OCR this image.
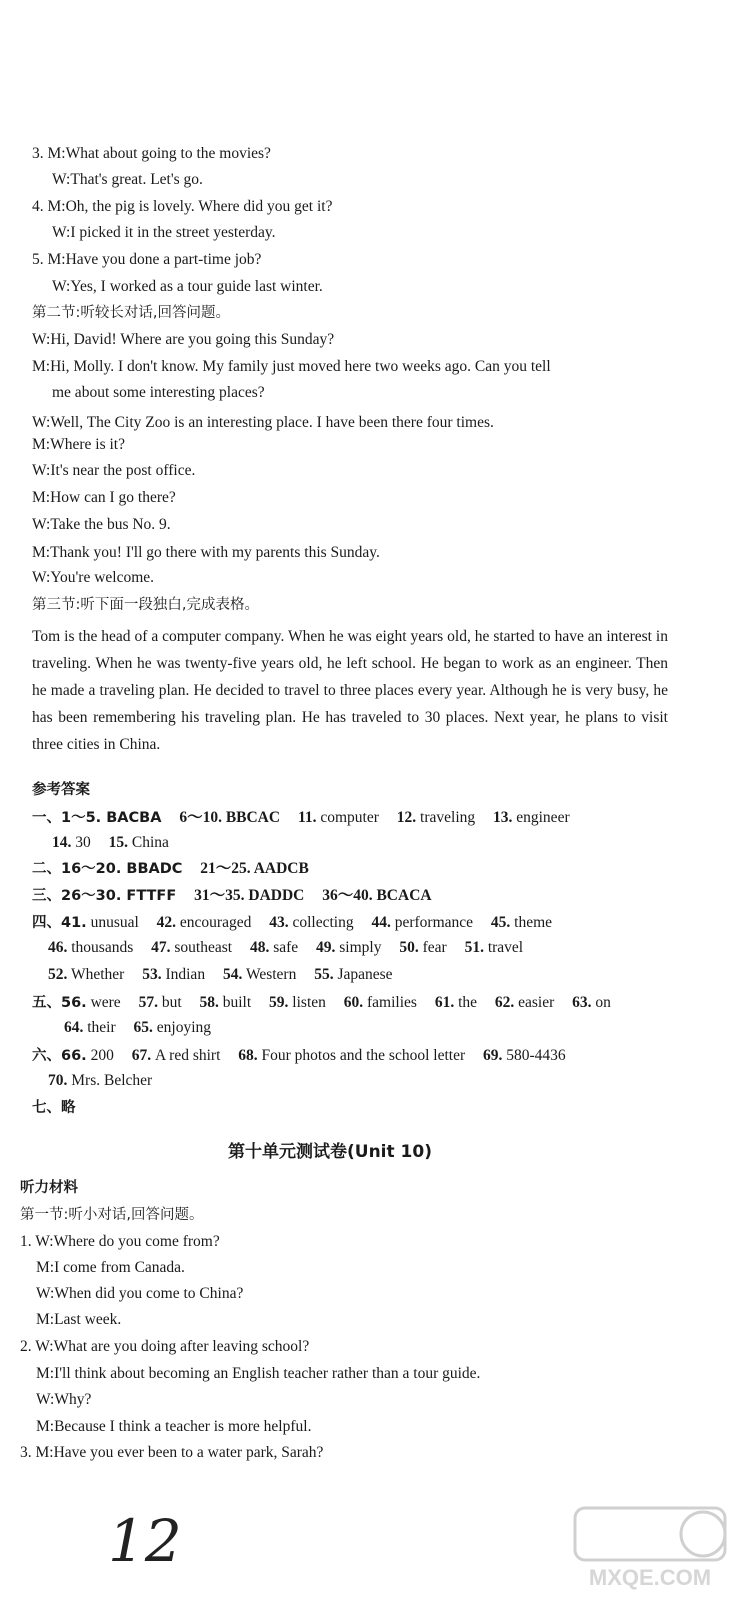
3. M:What about going to the movies?
W:That's great. Let's go.
4. M:Oh, the pig is lovely. Where did you get it?
W:I picked it in the street yesterday.
5. M:Have you done a part-time job?
W:Yes, I worked as a tour guide last winter.
第二节:听较长对话,回答问题。
W:Hi, David! Where are you going this Sunday?
M:Hi, Molly. I don't know. My family just moved here two weeks ago. Can you tell
me about some interesting places?
W:Well, The City Zoo is an interesting place. I have been there four times.
M:Where is it?
W:It's near the post office.
M:How can I go there?
W:Take the bus No. 9.
M:Thank you! I'll go there with my parents this Sunday.
W:You're welcome.
第三节:听下面一段独白,完成表格。

Tom is the head of a computer company. When he was eight years old, he started to have an interest in traveling. When he was twenty-five years old, he left school. He began to work as an engineer. Then he made a traveling plan. He decided to travel to three places every year. Although he is very busy, he has been remembering his traveling plan. He has traveled to 30 places. Next year, he plans to visit three cities in China.

参考答案
一、1～5. BACBA 6～10. BBCAC 11. computer 12. traveling 13. engineer
14. 30 15. China
二、16～20. BBADC 21～25. AADCB
三、26～30. FTTFF 31～35. DADDC 36～40. BCACA
四、41. unusual 42. encouraged 43. collecting 44. performance 45. theme
46. thousands 47. southeast 48. safe 49. simply 50. fear 51. travel
52. Whether 53. Indian 54. Western 55. Japanese
五、56. were 57. but 58. built 59. listen 60. families 61. the 62. easier 63. on
64. their 65. enjoying
六、66. 200 67. A red shirt 68. Four photos and the school letter 69. 580-4436
70. Mrs. Belcher
七、略
第十单元测试卷(Unit 10)
听力材料
第一节:听小对话,回答问题。
1. W:Where do you come from?
M:I come from Canada.
W:When did you come to China?
M:Last week.
2. W:What are you doing after leaving school?
M:I'll think about becoming an English teacher rather than a tour guide.
W:Why?
M:Because I think a teacher is more helpful.
3. M:Have you ever been to a water park, Sarah?
12
MXQE.COM
